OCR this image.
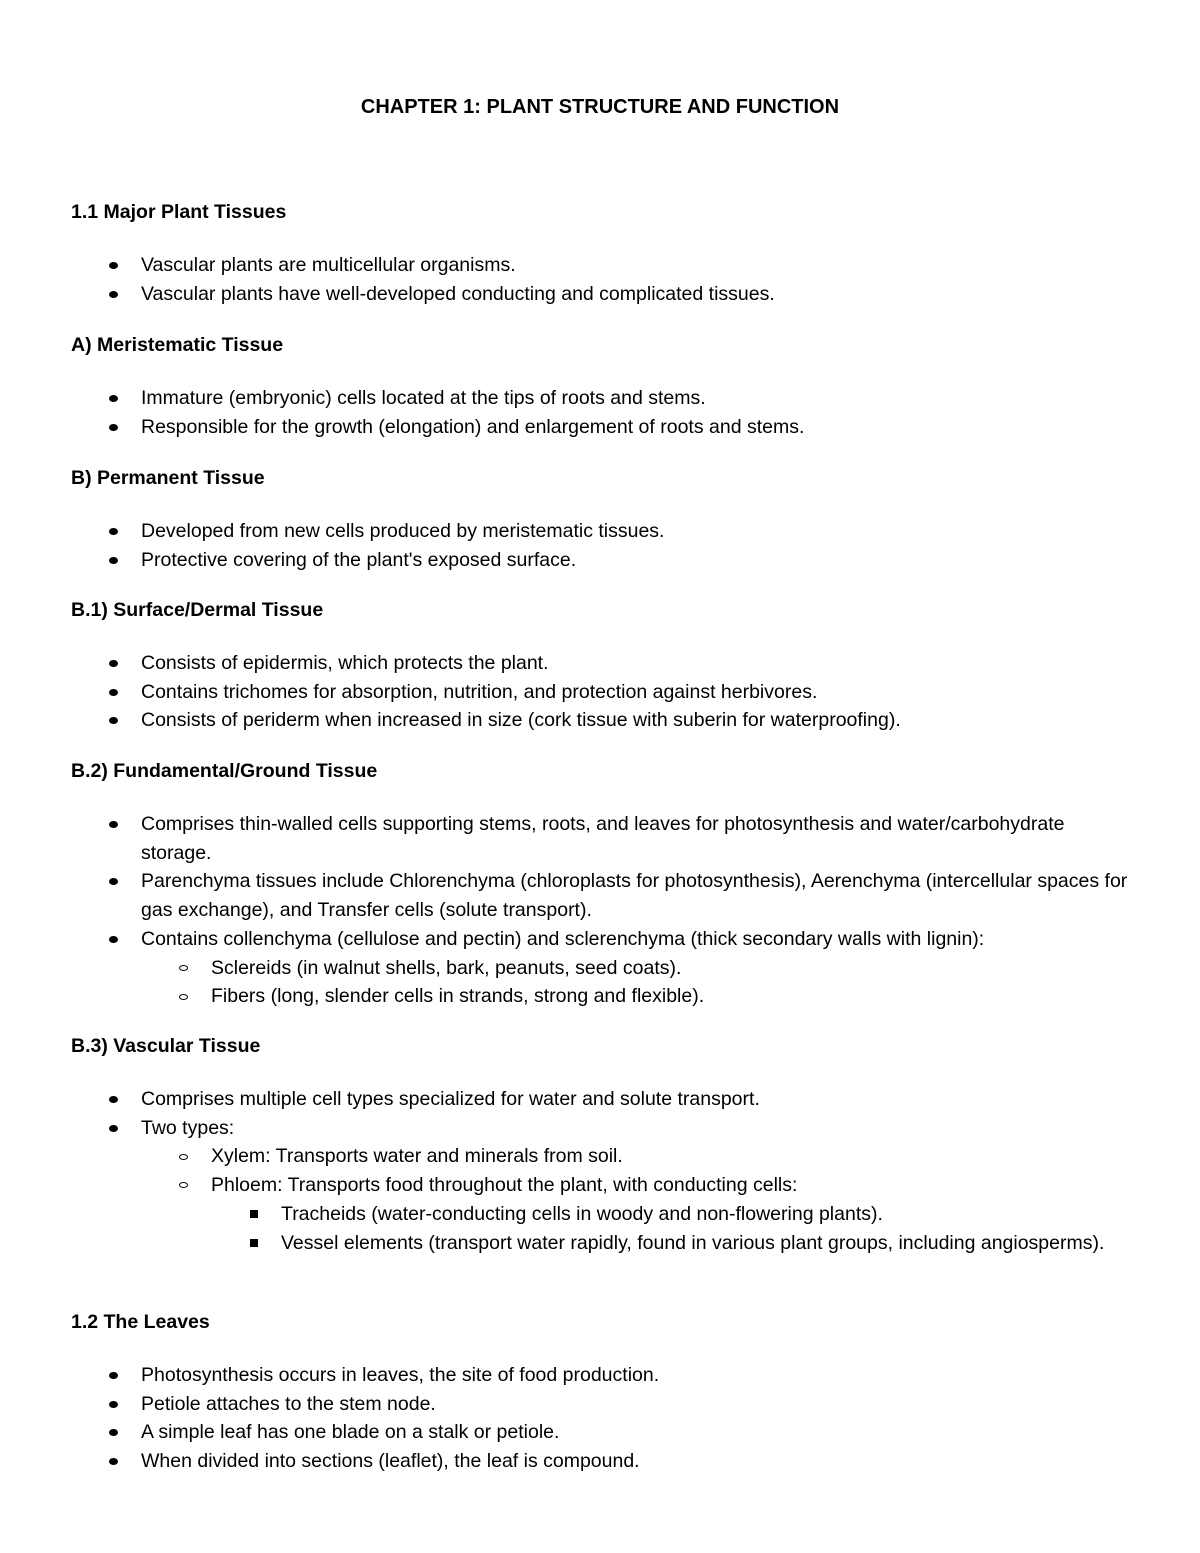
CHAPTER 1: PLANT STRUCTURE AND FUNCTION
1.1 Major Plant Tissues
Vascular plants are multicellular organisms.
Vascular plants have well-developed conducting and complicated tissues.
A) Meristematic Tissue
Immature (embryonic) cells located at the tips of roots and stems.
Responsible for the growth (elongation) and enlargement of roots and stems.
B) Permanent Tissue
Developed from new cells produced by meristematic tissues.
Protective covering of the plant's exposed surface.
B.1) Surface/Dermal Tissue
Consists of epidermis, which protects the plant.
Contains trichomes for absorption, nutrition, and protection against herbivores.
Consists of periderm when increased in size (cork tissue with suberin for waterproofing).
B.2) Fundamental/Ground Tissue
Comprises thin-walled cells supporting stems, roots, and leaves for photosynthesis and water/carbohydrate storage.
Parenchyma tissues include Chlorenchyma (chloroplasts for photosynthesis), Aerenchyma (intercellular spaces for gas exchange), and Transfer cells (solute transport).
Contains collenchyma (cellulose and pectin) and sclerenchyma (thick secondary walls with lignin):
Sclereids (in walnut shells, bark, peanuts, seed coats).
Fibers (long, slender cells in strands, strong and flexible).
B.3) Vascular Tissue
Comprises multiple cell types specialized for water and solute transport.
Two types:
Xylem: Transports water and minerals from soil.
Phloem: Transports food throughout the plant, with conducting cells:
Tracheids (water-conducting cells in woody and non-flowering plants).
Vessel elements (transport water rapidly, found in various plant groups, including angiosperms).
1.2 The Leaves
Photosynthesis occurs in leaves, the site of food production.
Petiole attaches to the stem node.
A simple leaf has one blade on a stalk or petiole.
When divided into sections (leaflet), the leaf is compound.
